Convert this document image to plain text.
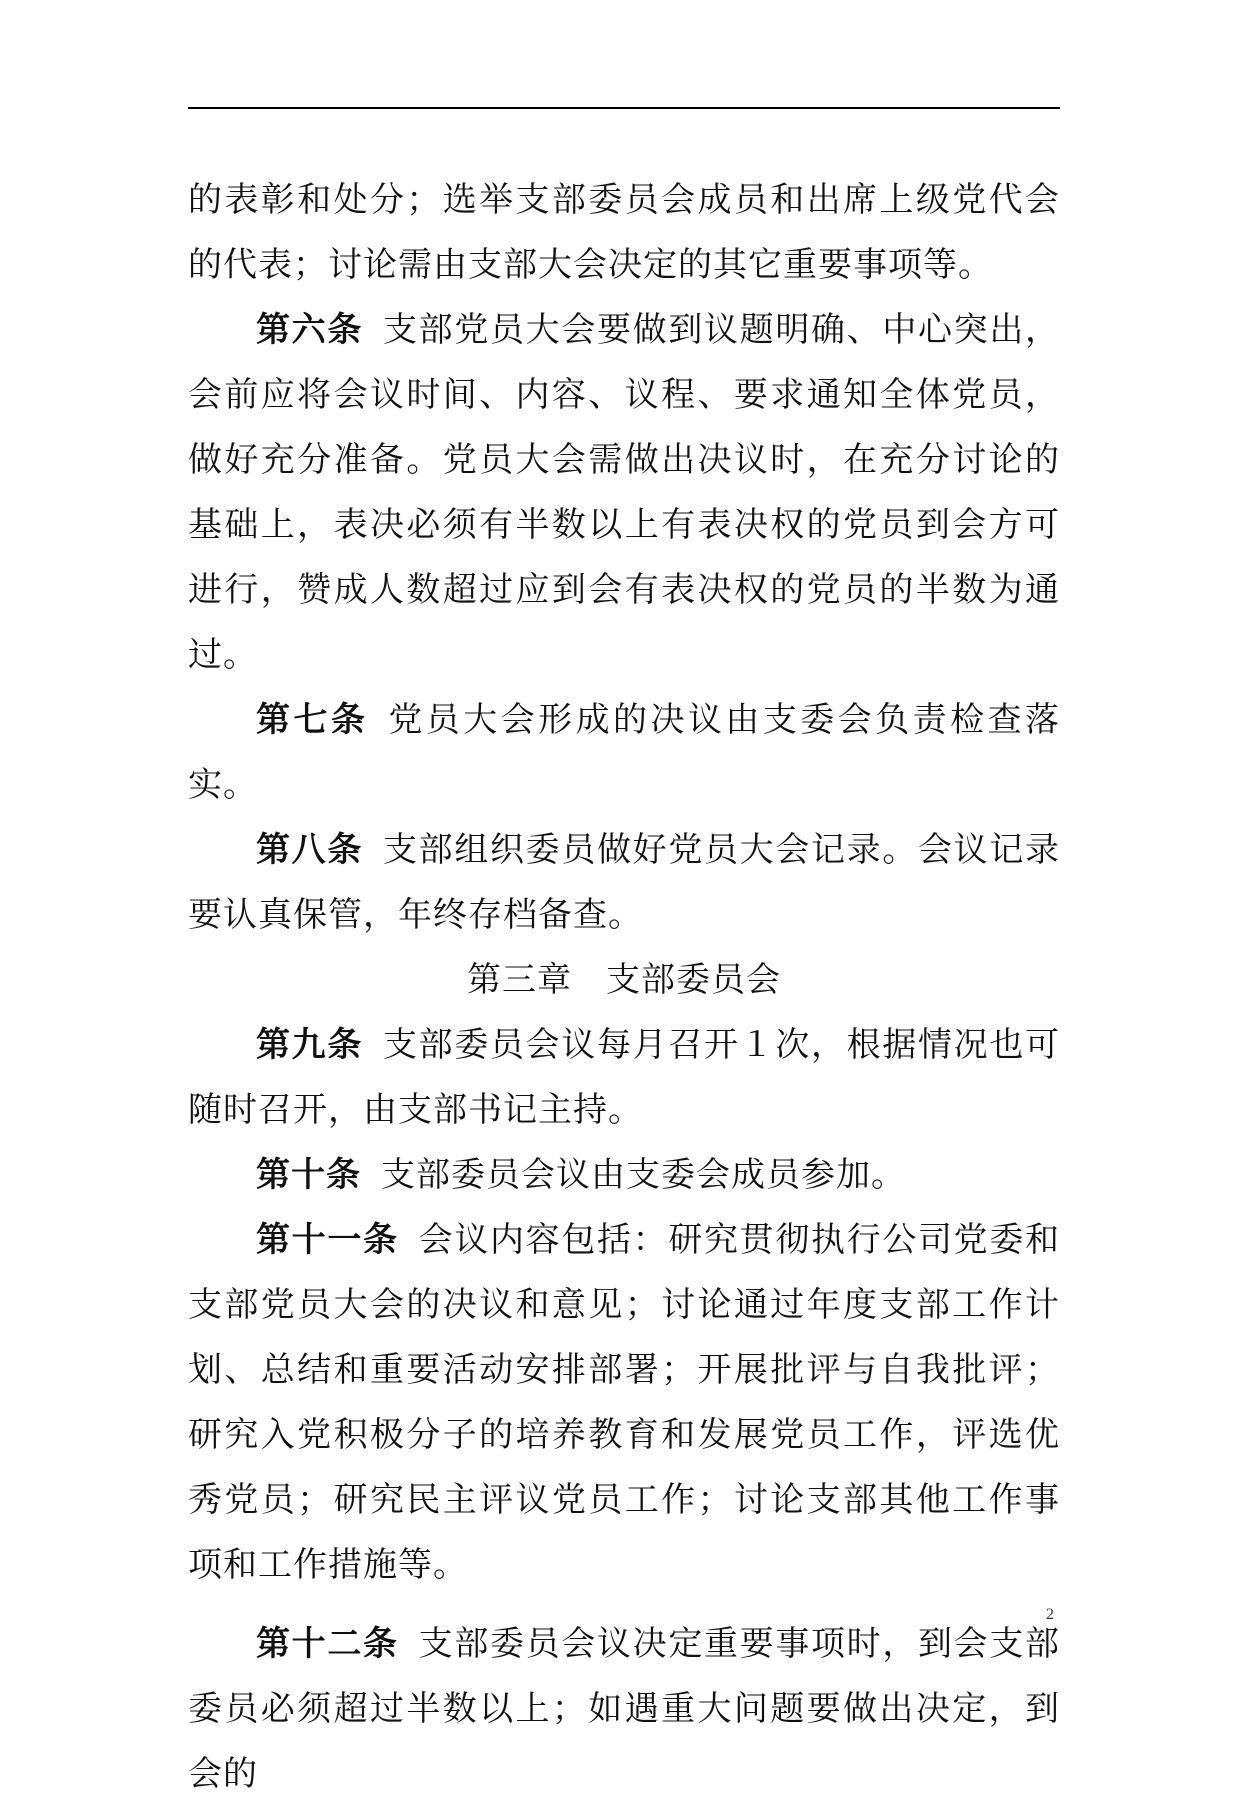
的表彰和处分；选举支部委员会成员和出席上级党代会的代表；讨论需由支部大会决定的其它重要事项等。

第六条 支部党员大会要做到议题明确、中心突出，会前应将会议时间、内容、议程、要求通知全体党员，做好充分准备。党员大会需做出决议时，在充分讨论的基础上，表决必须有半数以上有表决权的党员到会方可进行，赞成人数超过应到会有表决权的党员的半数为通过。

第七条 党员大会形成的决议由支委会负责检查落实。

第八条 支部组织委员做好党员大会记录。会议记录要认真保管，年终存档备查。

第三章 支部委员会

第九条 支部委员会议每月召开１次，根据情况也可随时召开，由支部书记主持。

第十条 支部委员会议由支委会成员参加。

第十一条 会议内容包括：研究贯彻执行公司党委和支部党员大会的决议和意见；讨论通过年度支部工作计划、总结和重要活动安排部署；开展批评与自我批评；研究入党积极分子的培养教育和发展党员工作，评选优秀党员；研究民主评议党员工作；讨论支部其他工作事项和工作措施等。

第十二条 支部委员会议决定重要事项时，到会支部委员必须超过半数以上；如遇重大问题要做出决定，到会的

2
